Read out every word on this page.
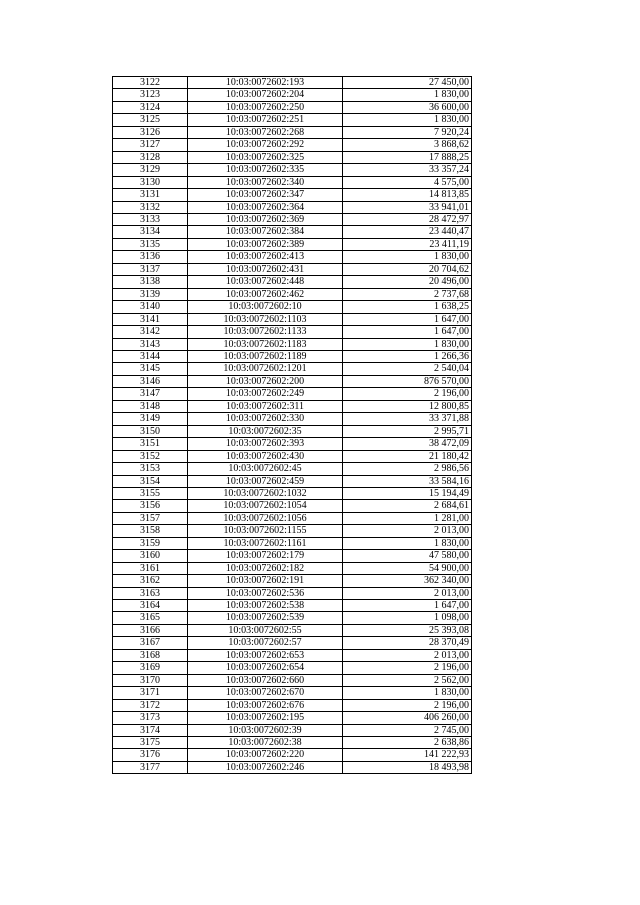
3122	10:03:0072602:193	27 450,00
3123	10:03:0072602:204	1 830,00
3124	10:03:0072602:250	36 600,00
3125	10:03:0072602:251	1 830,00
3126	10:03:0072602:268	7 920,24
3127	10:03:0072602:292	3 868,62
3128	10:03:0072602:325	17 888,25
3129	10:03:0072602:335	33 357,24
3130	10:03:0072602:340	4 575,00
3131	10:03:0072602:347	14 813,85
3132	10:03:0072602:364	33 941,01
3133	10:03:0072602:369	28 472,97
3134	10:03:0072602:384	23 440,47
3135	10:03:0072602:389	23 411,19
3136	10:03:0072602:413	1 830,00
3137	10:03:0072602:431	20 704,62
3138	10:03:0072602:448	20 496,00
3139	10:03:0072602:462	2 737,68
3140	10:03:0072602:10	1 638,25
3141	10:03:0072602:1103	1 647,00
3142	10:03:0072602:1133	1 647,00
3143	10:03:0072602:1183	1 830,00
3144	10:03:0072602:1189	1 266,36
3145	10:03:0072602:1201	2 540,04
3146	10:03:0072602:200	876 570,00
3147	10:03:0072602:249	2 196,00
3148	10:03:0072602:311	12 800,85
3149	10:03:0072602:330	33 371,88
3150	10:03:0072602:35	2 995,71
3151	10:03:0072602:393	38 472,09
3152	10:03:0072602:430	21 180,42
3153	10:03:0072602:45	2 986,56
3154	10:03:0072602:459	33 584,16
3155	10:03:0072602:1032	15 194,49
3156	10:03:0072602:1054	2 684,61
3157	10:03:0072602:1056	1 281,00
3158	10:03:0072602:1155	2 013,00
3159	10:03:0072602:1161	1 830,00
3160	10:03:0072602:179	47 580,00
3161	10:03:0072602:182	54 900,00
3162	10:03:0072602:191	362 340,00
3163	10:03:0072602:536	2 013,00
3164	10:03:0072602:538	1 647,00
3165	10:03:0072602:539	1 098,00
3166	10:03:0072602:55	25 393,08
3167	10:03:0072602:57	28 370,49
3168	10:03:0072602:653	2 013,00
3169	10:03:0072602:654	2 196,00
3170	10:03:0072602:660	2 562,00
3171	10:03:0072602:670	1 830,00
3172	10:03:0072602:676	2 196,00
3173	10:03:0072602:195	406 260,00
3174	10:03:0072602:39	2 745,00
3175	10:03:0072602:38	2 638,86
3176	10:03:0072602:220	141 222,93
3177	10:03:0072602:246	18 493,98
